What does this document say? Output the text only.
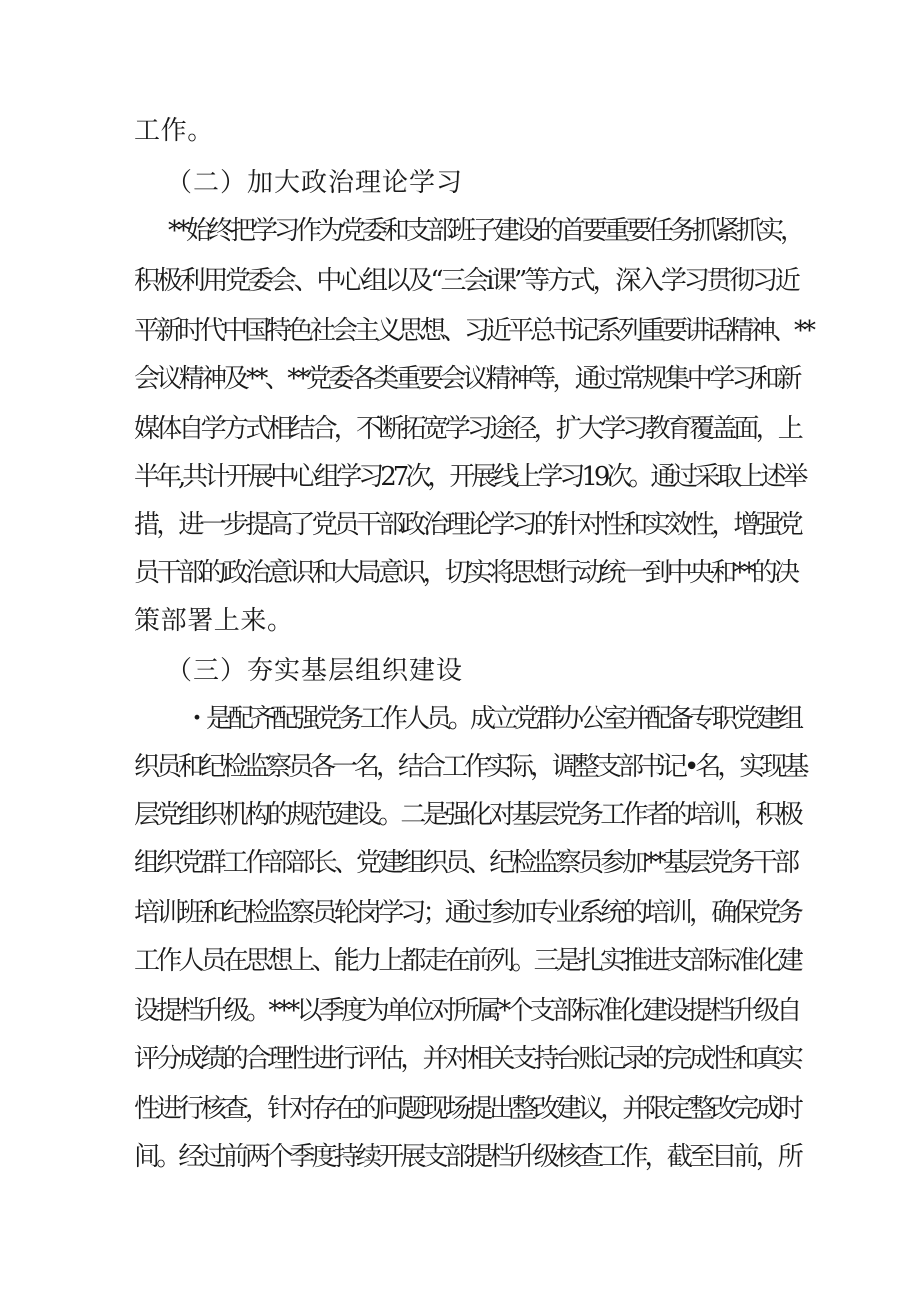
工作。
（二）加大政治理论学习
**始终把学习作为党委和支部班子建设的首要重要任务抓紧抓实，
积极利用党委会、中心组以及“三会i课”等方式，深入学习贯彻习近
平新时代中国特色社会主义思想、习近平总书记系列重要讲话精神、**
会议精神及**、**党委各类重要会议精神等，通过常规集中学习和新
媒体自学方式相结合，不断拓宽学习途径，扩大学习教育覆盖面，上
半年,共计开展中心组学习27次，开展线上学习19次。通过采取上述举
措，进一步提高了党员干部政治理论学习的针对性和实效性，增强党
员干部的政治意识和大局意识，切实将思想行动统一到中央和**的决
策部署上来。
（三）夯实基层组织建设
・是配齐配强党务工作人员。成立党群办公室并配备专职党建组
织员和纪检监察员各一名，结合工作实际，调整支部书记•名，实现基
层党组织机构的规范建设。二是强化对基层党务工作者的培训，积极
组织党群工作部部长、党建组织员、纪检监察员参加**基层党务干部
培训班和纪检监察员轮岗学习；通过参加专业系统的培训，确保党务
工作人员在思想上、能力上都走在前列。三是扎实推进支部标准化建
设提档升级。***以季度为单位对所属*个支部标准化建设提档升级自
评分成绩的合理性进行评估，并对相关支持台账记录的完成性和真实
性进行核查，针对存在的问题现场提出整改建议，并限定整改完成时
间。经过前两个季度持续开展支部提档升级核查工作，截至目前，所
